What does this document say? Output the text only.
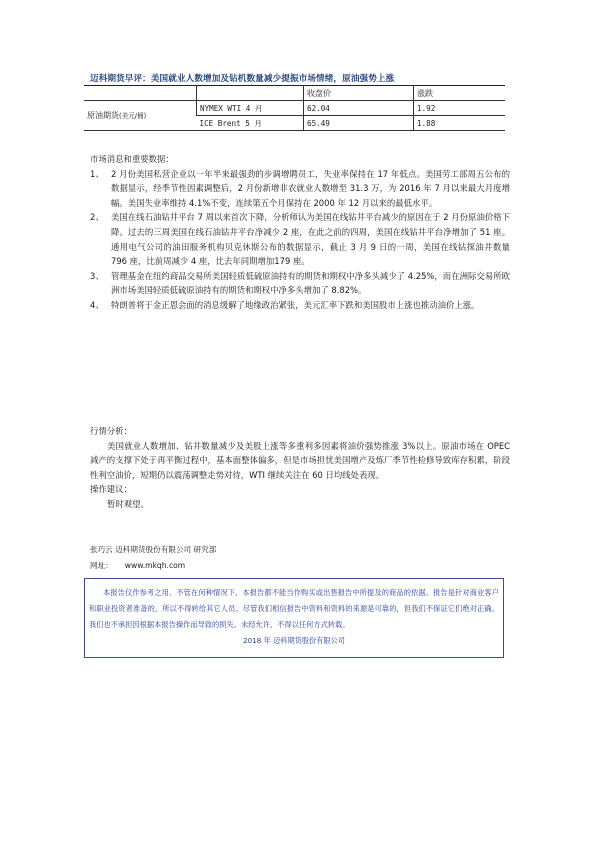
迈科期货早评：美国就业人数增加及钻机数量减少提振市场情绪，原油强势上涨
		收盘价	涨跌
原油期货(美元/桶)	NYMEX WTI 4 月	62.04	1.92
	ICE Brent 5 月	65.49	1.88
市场消息和重要数据：
1、 2 月份美国私营企业以一年半来最强劲的步调增聘员工，失业率保持在 17 年低点。美国劳工部周五公布的数据显示，经季节性因素调整后，2 月份新增非农就业人数增至 31.3 万，为 2016 年 7 月以来最大月度增幅。美国失业率维持 4.1%不变，连续第五个月保持在 2000 年 12 月以来的最低水平。
2、 美国在线石油钻井平台 7 周以来首次下降，分析师认为美国在线钻井平台减少的原因在于 2 月份原油价格下降。过去的三周美国在线石油钻井平台净减少 2 座，在此之前的四周，美国在线钻井平台净增加了 51 座。通用电气公司的油田服务机构贝克休斯公布的数据显示，截止 3 月 9 日的一周，美国在线钻探油井数量 796 座，比前周减少 4 座，比去年同期增加179 座。
3、 管理基金在纽约商品交易所美国轻质低硫原油持有的期货和期权中净多头减少了 4.25%，而在洲际交易所欧洲市场美国轻质低硫原油持有的期货和期权中净多头增加了 8.82%。
4、 特朗普将于金正恩会面的消息缓解了地缘政治紧张，美元汇率下跌和美国股市上涨也推动油价上涨。
行情分析：
美国就业人数增加、钻井数量减少及美股上涨等多重利多因素将油价强势推涨 3%以上。原油市场在 OPEC 减产的支撑下处于再平衡过程中，基本面整体偏多，但是市场担忧美国增产及炼厂季节性检修导致库存积累，阶段性利空油价，短期仍以震荡调整走势对待，WTI 继续关注在 60 日均线处表现。
操作建议：
暂时观望。
张巧云 迈科期货股份有限公司 研究部
网址： www.mkqh.com
本报告仅作参考之用。不管在何种情况下，本报告都不能当作购买或出售报告中所提及的商品的依据。报告是针对商业客户和职业投资者准备的，所以不得转给其它人员。尽管我们相信报告中资料和资料的来源是可靠的，但我们不保证它们绝对正确。我们也不承担因根据本报告操作而导致的损失。未经允许，不得以任何方式转载。
2018 年 迈科期货股份有限公司
